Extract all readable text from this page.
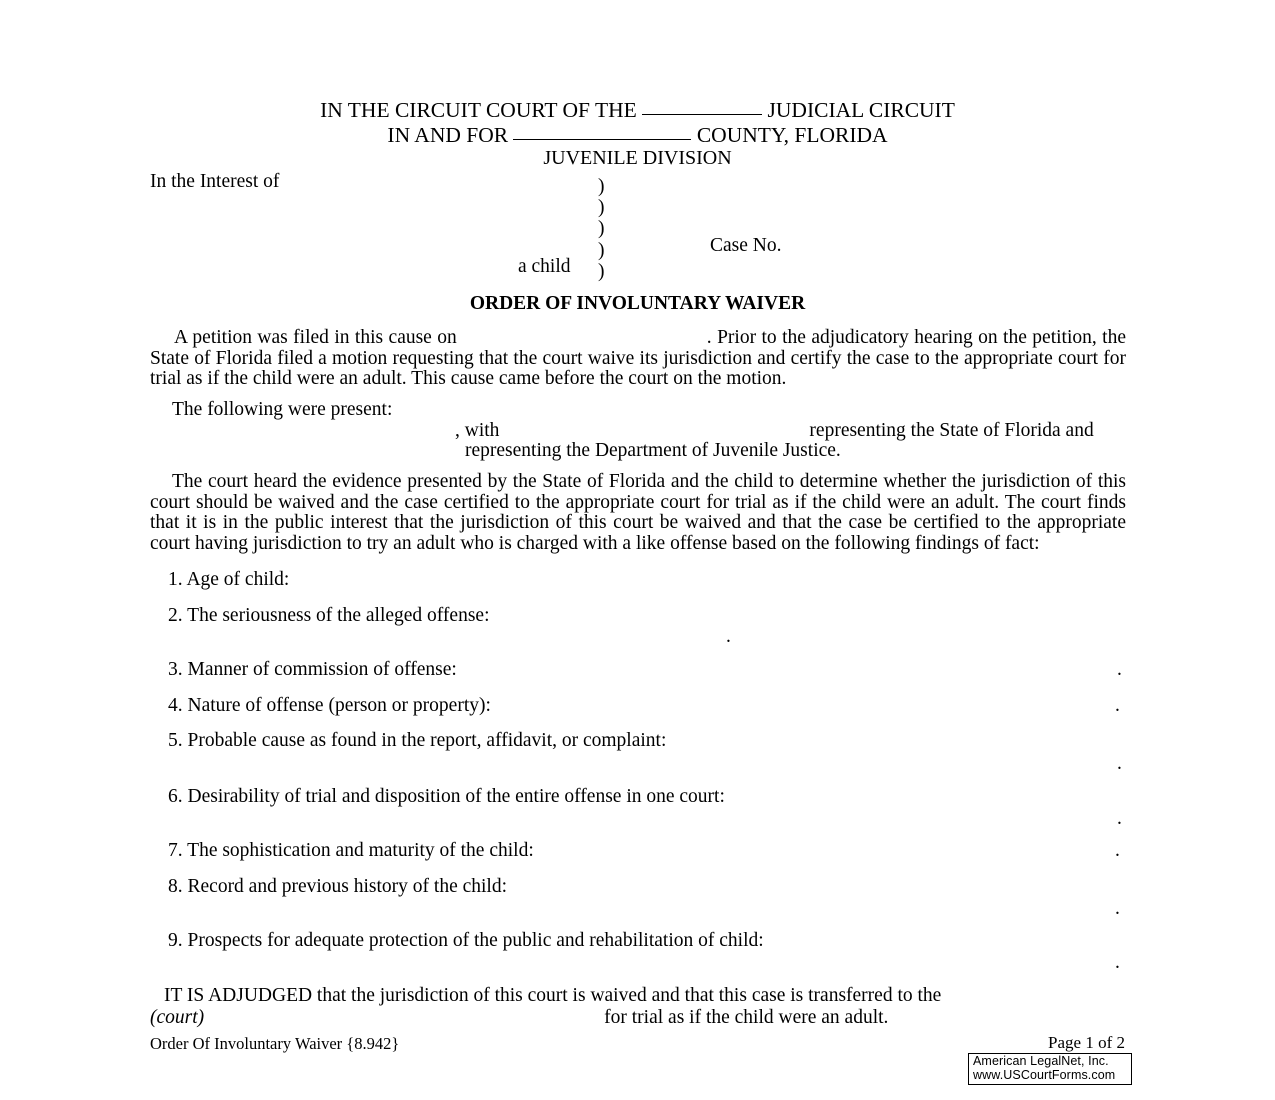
IN THE CIRCUIT COURT OF THE	JUDICIAL CIRCUIT
IN AND FOR	COUNTY, FLORIDA
JUVENILE DIVISION
In the Interest of	)
)
)
)
)
a child
Case No.
ORDER OF INVOLUNTARY WAIVER
A petition was filed in this cause on	. Prior to the adjudicatory hearing on the petition, the State of Florida filed a motion requesting that the court waive its jurisdiction and certify the case to the appropriate court for trial as if the child were an adult. This cause came before the court on the motion.
The following were present:
, with	representing the State of Florida and
representing the Department of Juvenile Justice.
The court heard the evidence presented by the State of Florida and the child to determine whether the jurisdiction of this court should be waived and the case certified to the appropriate court for trial as if the child were an adult. The court finds that it is in the public interest that the jurisdiction of this court be waived and that the case be certified to the appropriate court having jurisdiction to try an adult who is charged with a like offense based on the following findings of fact:
1. Age of child:
2. The seriousness of the alleged offense:
.
3. Manner of commission of offense:	.
4. Nature of offense (person or property):	.
5. Probable cause as found in the report, affidavit, or complaint:
.
6. Desirability of trial and disposition of the entire offense in one court:
.
7. The sophistication and maturity of the child:	.
8. Record and previous history of the child:
.
9. Prospects for adequate protection of the public and rehabilitation of child:
.
IT IS ADJUDGED that the jurisdiction of this court is waived and that this case is transferred to the
(court)	for trial as if the child were an adult.
Order Of Involuntary Waiver {8.942}	Page 1 of 2
American LegalNet, Inc.
www.USCourtForms.com
